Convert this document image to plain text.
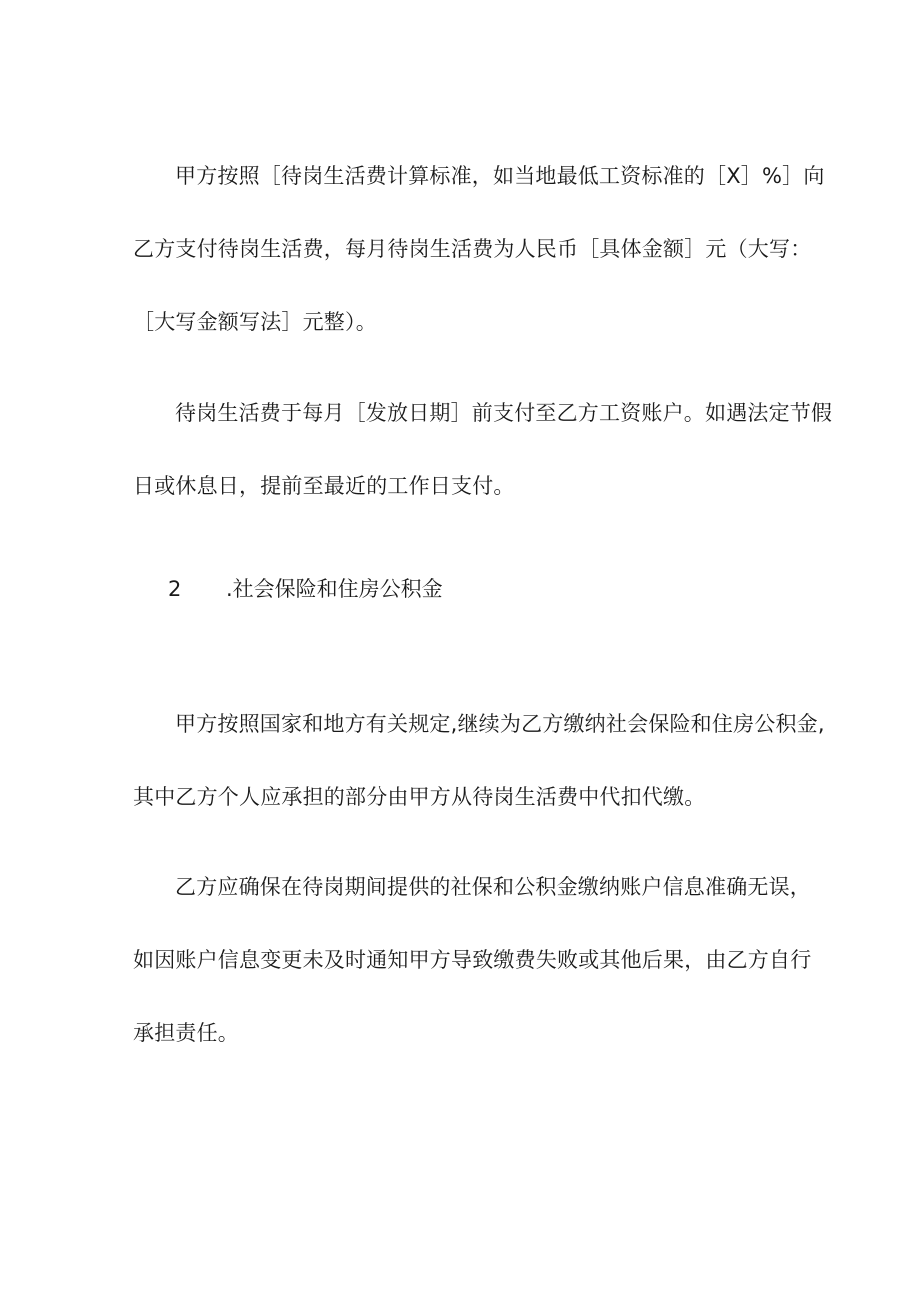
甲方按照［待岗生活费计算标准，如当地最低工资标准的［X］%］向
乙方支付待岗生活费，每月待岗生活费为人民币［具体金额］元（大写：
［大写金额写法］元整）。
待岗生活费于每月［发放日期］前支付至乙方工资账户。如遇法定节假
日或休息日，提前至最近的工作日支付。
2 .社会保险和住房公积金
甲方按照国家和地方有关规定,继续为乙方缴纳社会保险和住房公积金,
其中乙方个人应承担的部分由甲方从待岗生活费中代扣代缴。
乙方应确保在待岗期间提供的社保和公积金缴纳账户信息准确无误，
如因账户信息变更未及时通知甲方导致缴费失败或其他后果，由乙方自行
承担责任。
